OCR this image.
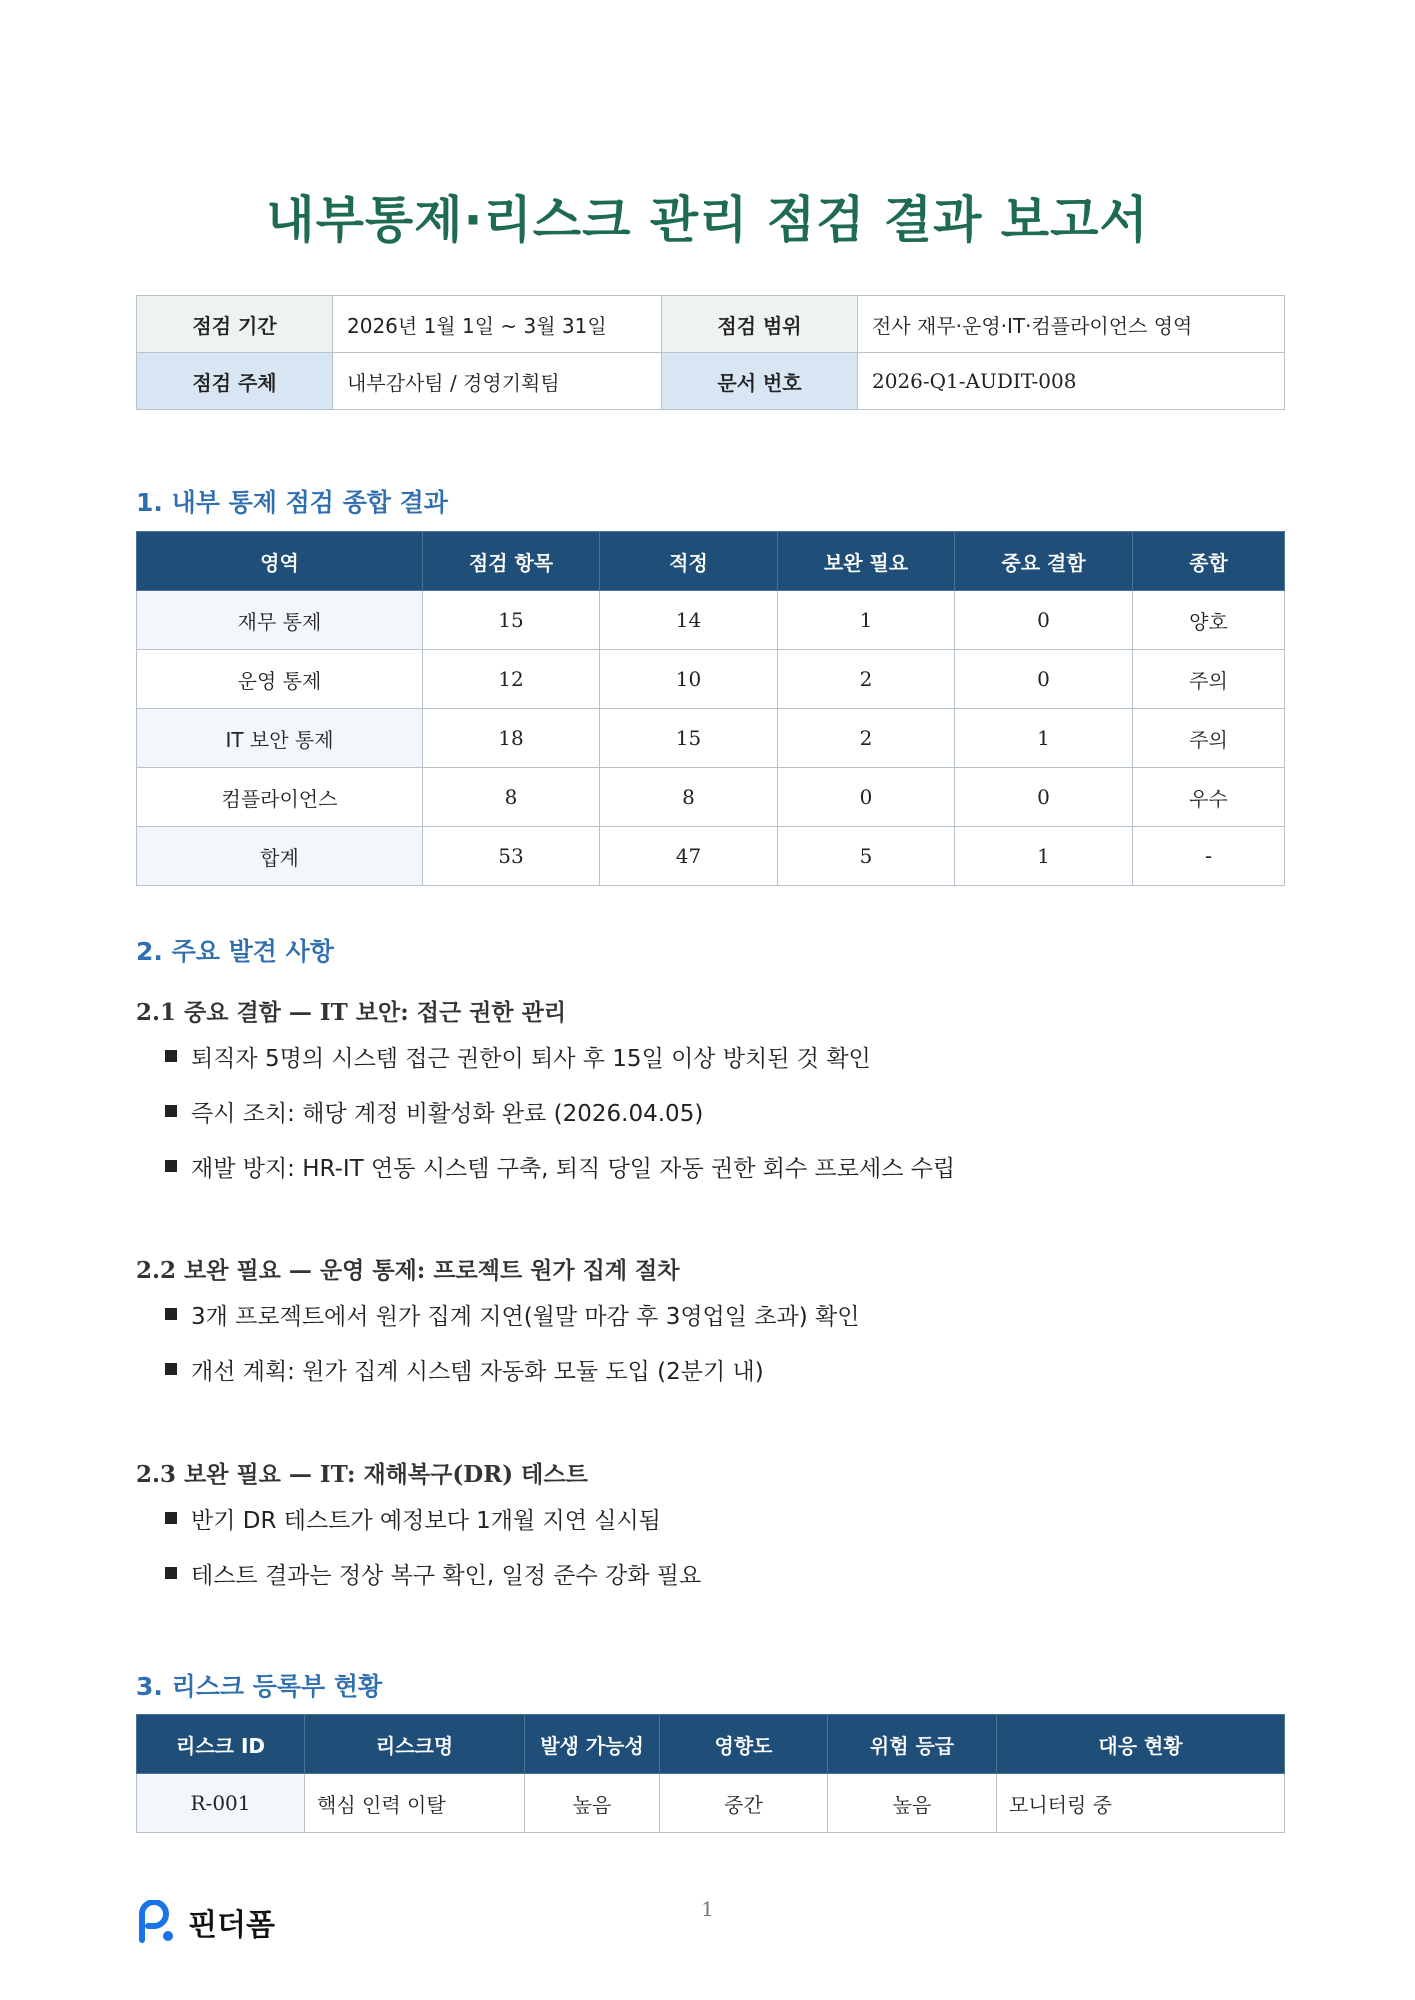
내부통제·리스크 관리 점검 결과 보고서
점검 기간	2026년 1월 1일 ~ 3월 31일	점검 범위	전사 재무·운영·IT·컴플라이언스 영역
점검 주체	내부감사팀 / 경영기획팀	문서 번호	2026-Q1-AUDIT-008
1. 내부 통제 점검 종합 결과
영역	점검 항목	적정	보완 필요	중요 결함	종합
재무 통제	15	14	1	0	양호
운영 통제	12	10	2	0	주의
IT 보안 통제	18	15	2	1	주의
컴플라이언스	8	8	0	0	우수
합계	53	47	5	1	-
2. 주요 발견 사항
2.1 중요 결함 — IT 보안: 접근 권한 관리
퇴직자 5명의 시스템 접근 권한이 퇴사 후 15일 이상 방치된 것 확인
즉시 조치: 해당 계정 비활성화 완료 (2026.04.05)
재발 방지: HR-IT 연동 시스템 구축, 퇴직 당일 자동 권한 회수 프로세스 수립
2.2 보완 필요 — 운영 통제: 프로젝트 원가 집계 절차
3개 프로젝트에서 원가 집계 지연(월말 마감 후 3영업일 초과) 확인
개선 계획: 원가 집계 시스템 자동화 모듈 도입 (2분기 내)
2.3 보완 필요 — IT: 재해복구(DR) 테스트
반기 DR 테스트가 예정보다 1개월 지연 실시됨
테스트 결과는 정상 복구 확인, 일정 준수 강화 필요
3. 리스크 등록부 현황
리스크 ID	리스크명	발생 가능성	영향도	위험 등급	대응 현황
R-001	핵심 인력 이탈	높음	중간	높음	모니터링 중
핀더폼	1
